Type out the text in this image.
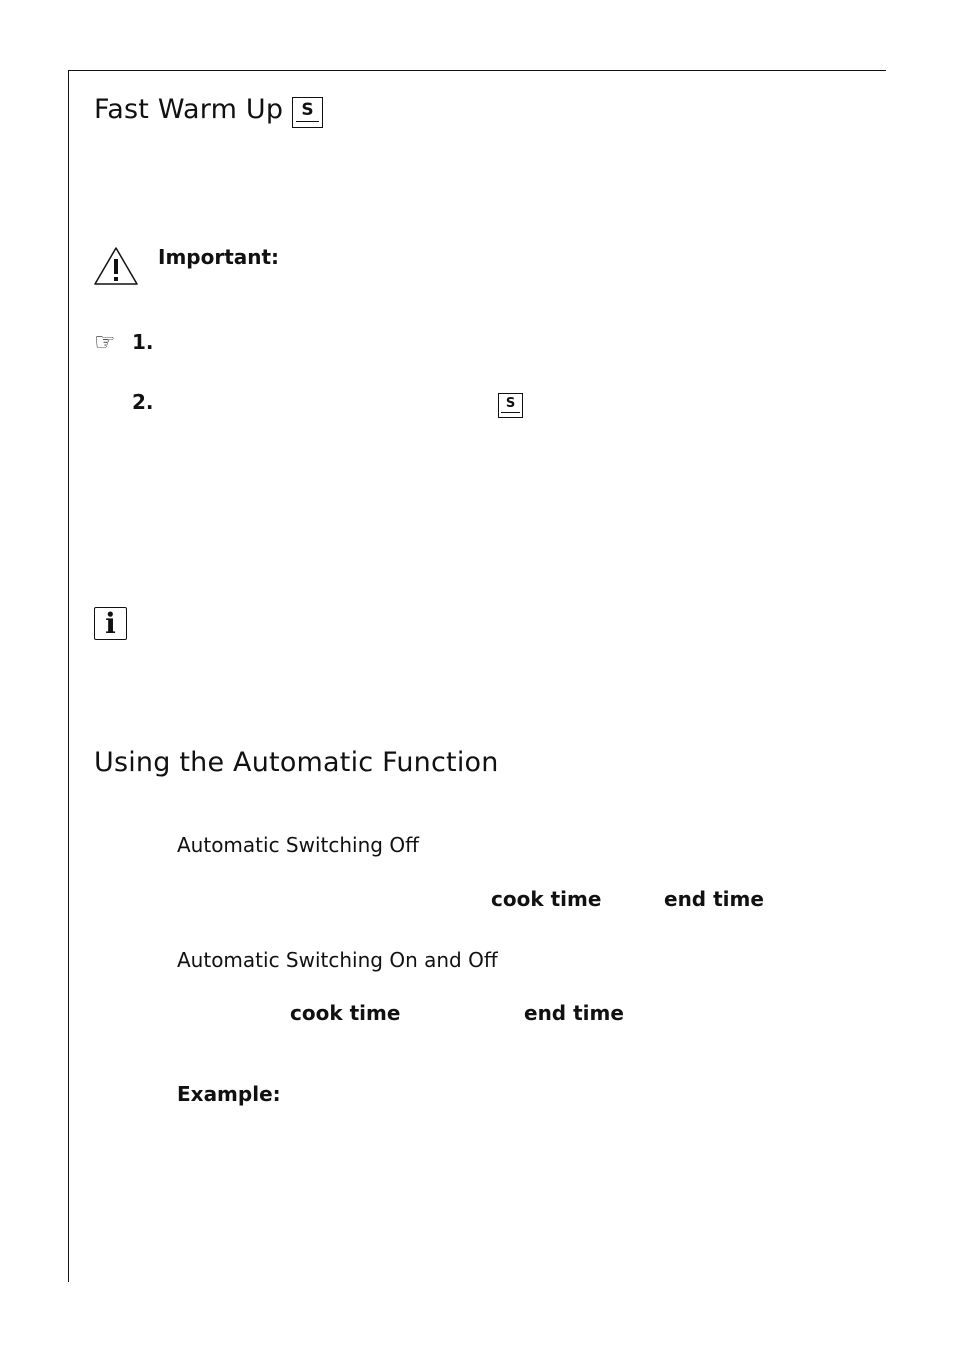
Fast Warm Up S

Important:
☞ 1.
2.	S
i
Using the Automatic Function
Automatic Switching Off
cook time	end time
Automatic Switching On and Off
cook time	end time
Example:
